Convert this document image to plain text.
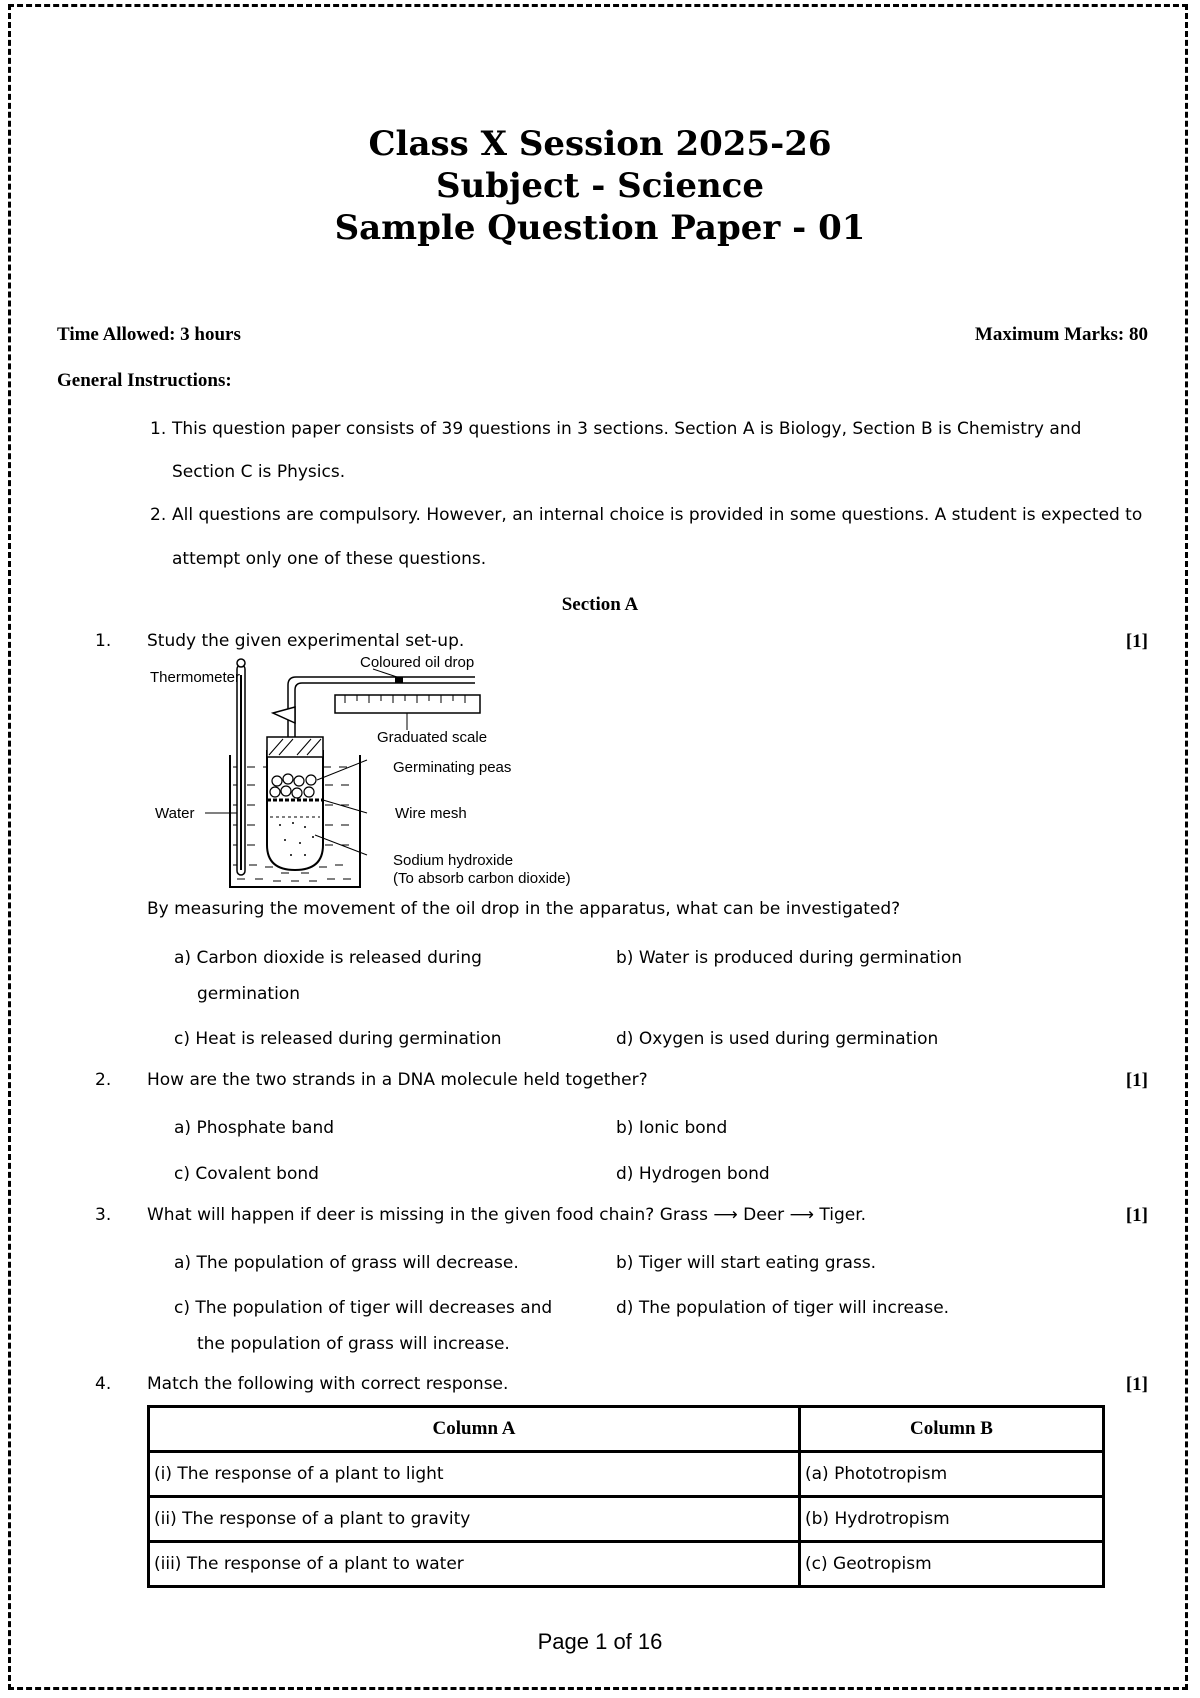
Class X Session 2025-26
Subject - Science
Sample Question Paper - 01
Time Allowed: 3 hours	Maximum Marks: 80
General Instructions:
1. This question paper consists of 39 questions in 3 sections. Section A is Biology, Section B is Chemistry and
Section C is Physics.
2. All questions are compulsory. However, an internal choice is provided in some questions. A student is expected to
attempt only one of these questions.
Section A
1. Study the given experimental set-up.	[1]
Thermometer
Coloured oil drop
Graduated scale
Germinating peas
Water	Wire mesh
Sodium hydroxide
(To absorb carbon dioxide)
By measuring the movement of the oil drop in the apparatus, what can be investigated?
a) Carbon dioxide is released during
germination
b) Water is produced during germination
c) Heat is released during germination	d) Oxygen is used during germination
2. How are the two strands in a DNA molecule held together?	[1]
a) Phosphate band	b) Ionic bond
c) Covalent bond	d) Hydrogen bond
3. What will happen if deer is missing in the given food chain? Grass ⟶ Deer ⟶ Tiger.	[1]
a) The population of grass will decrease.	b) Tiger will start eating grass.
c) The population of tiger will decreases and
the population of grass will increase.
d) The population of tiger will increase.
4. Match the following with correct response.	[1]
Column A	Column B
(i) The response of a plant to light	(a) Phototropism
(ii) The response of a plant to gravity	(b) Hydrotropism
(iii) The response of a plant to water	(c) Geotropism
Page 1 of 16
